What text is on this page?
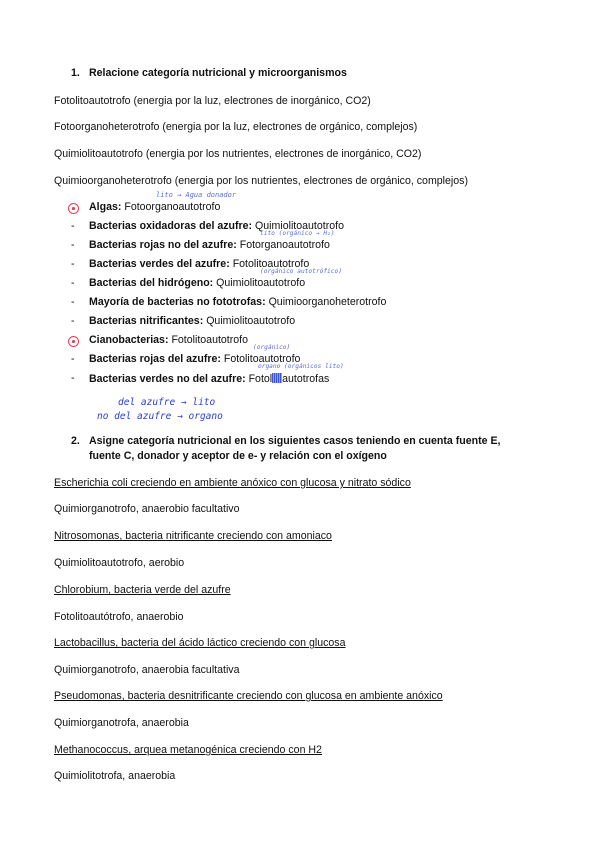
1. Relacione categoría nutricional y microorganismos
Fotolitoautotrofo (energia por la luz, electrones de inorgánico, CO2)
Fotoorganoheterotrofo (energia por la luz, electrones de orgánico, complejos)
Quimiolitoautotrofo (energia por los nutrientes, electrones de inorgánico, CO2)
Quimioorganoheterotrofo (energia por los nutrientes, electrones de orgánico, complejos)
Algas: Fotoorganoautotrofo
- Bacterias oxidadoras del azufre: Quimiolitoautotrofo
- Bacterias rojas no del azufre: Fotorganoautotrofo
- Bacterias verdes del azufre: Fotolitoautotrofo
- Bacterias del hidrógeno: Quimiolitoautotrofo
- Mayoría de bacterias no fototrofas: Quimioorganoheterotrofo
- Bacterias nitrificantes: Quimiolitoautotrofo
Cianobacterias: Fotolitoautotrofo
- Bacterias rojas del azufre: Fotolitoautotrofo
- Bacterias verdes no del azufre: Fotol autotrofas
lito → Agua donador
lito (orgánico → H₂)
(orgánico autotrófico)
(orgánico)
organo (orgánicos lito)
del azufre → lito
no del azufre → organo
2. Asigne categoría nutricional en los siguientes casos teniendo en cuenta fuente E,
fuente C, donador y aceptor de e- y relación con el oxígeno
Escherichia coli creciendo en ambiente anóxico con glucosa y nitrato sódico
Quimiorganotrofo, anaerobio facultativo
Nitrosomonas, bacteria nitrificante creciendo con amoniaco
Quimiolitoautotrofo, aerobio
Chlorobium, bacteria verde del azufre
Fotolitoautótrofo, anaerobio
Lactobacillus, bacteria del ácido láctico creciendo con glucosa
Quimiorganotrofo, anaerobia facultativa
Pseudomonas, bacteria desnitrificante creciendo con glucosa en ambiente anóxico
Quimiorganotrofa, anaerobia
Methanococcus, arquea metanogénica creciendo con H2
Quimiolitotrofa, anaerobia
